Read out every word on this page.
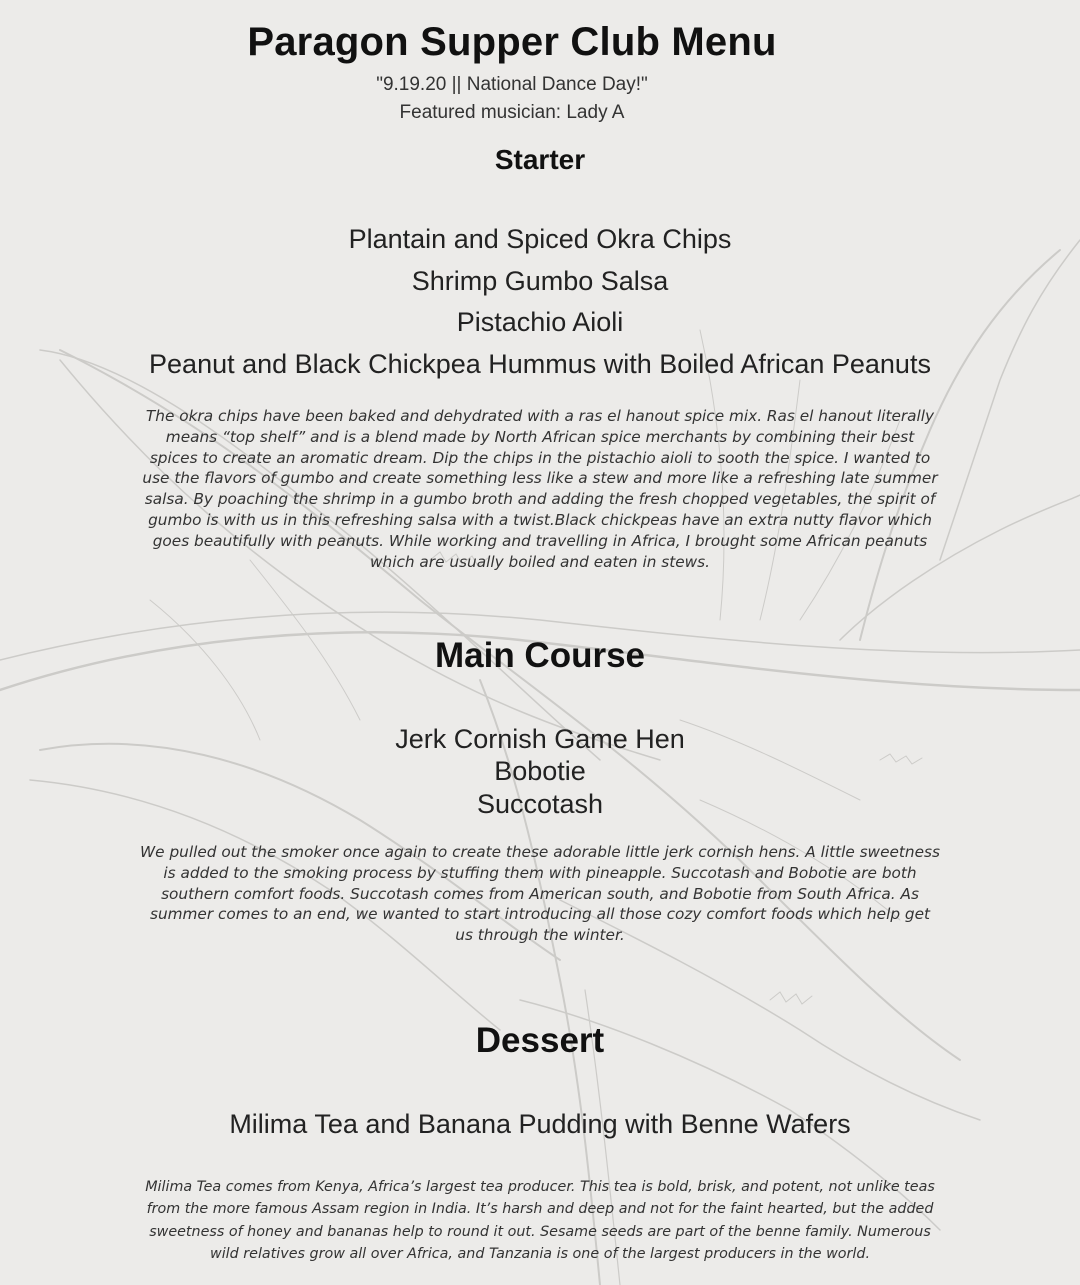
Paragon Supper Club Menu
"9.19.20 || National Dance Day!"
Featured musician: Lady A
Starter
Plantain and Spiced Okra Chips
Shrimp Gumbo Salsa
Pistachio Aioli
Peanut and Black Chickpea Hummus with Boiled African Peanuts
The okra chips have been baked and dehydrated with a ras el hanout spice mix. Ras el hanout literally means “top shelf” and is a blend made by North African spice merchants by combining their best spices to create an aromatic dream. Dip the chips in the pistachio aioli to sooth the spice. I wanted to use the flavors of gumbo and create something less like a stew and more like a refreshing late summer salsa. By poaching the shrimp in a gumbo broth and adding the fresh chopped vegetables, the spirit of gumbo is with us in this refreshing salsa with a twist.Black chickpeas have an extra nutty flavor which goes beautifully with peanuts. While working and travelling in Africa, I brought some African peanuts which are usually boiled and eaten in stews.
Main Course
Jerk Cornish Game Hen
Bobotie
Succotash
We pulled out the smoker once again to create these adorable little jerk cornish hens. A little sweetness is added to the smoking process by stuffing them with pineapple. Succotash and Bobotie are both southern comfort foods. Succotash comes from American south, and Bobotie from South Africa. As summer comes to an end, we wanted to start introducing all those cozy comfort foods which help get us through the winter.
Dessert
Milima Tea and Banana Pudding with Benne Wafers
Milima Tea comes from Kenya, Africa’s largest tea producer. This tea is bold, brisk, and potent, not unlike teas from the more famous Assam region in India. It’s harsh and deep and not for the faint hearted, but the added sweetness of honey and bananas help to round it out. Sesame seeds are part of the benne family. Numerous wild relatives grow all over Africa, and Tanzania is one of the largest producers in the world.
